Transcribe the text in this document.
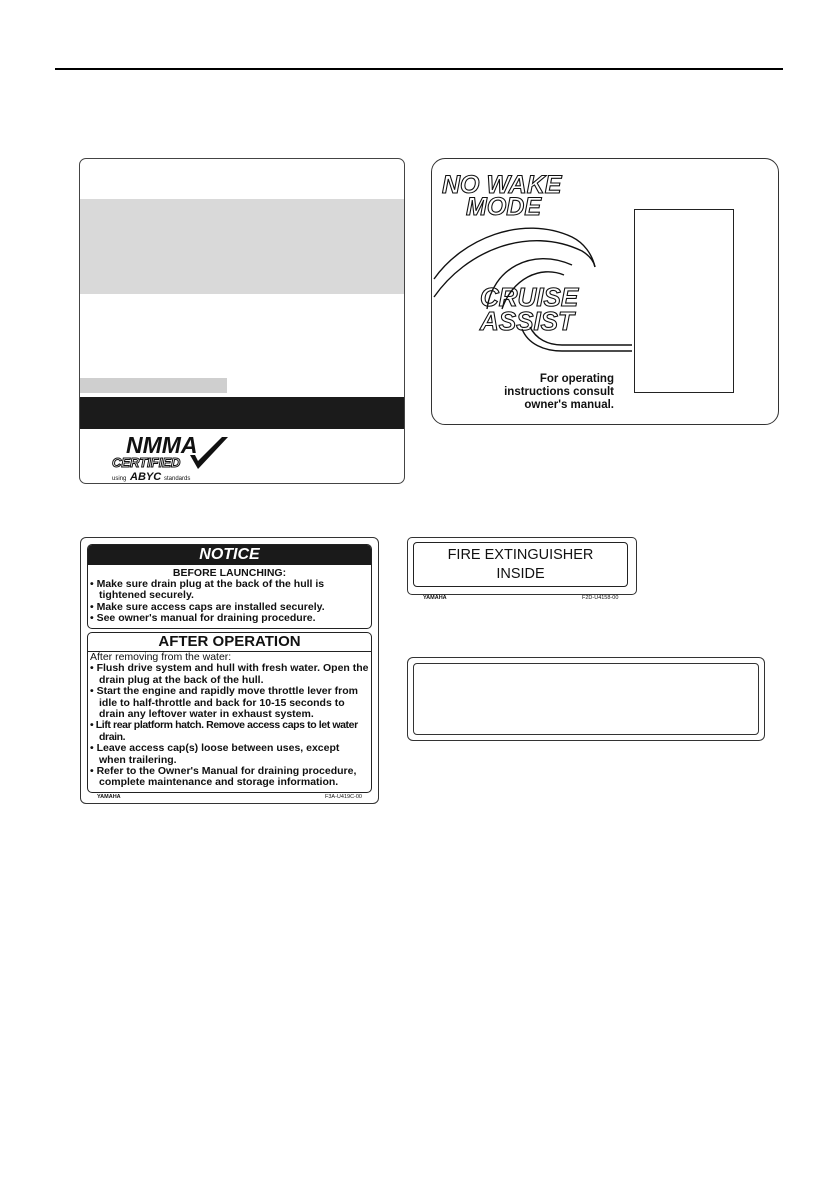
NMMA
CERTIFIED
using ABYC standards
NO WAKE
MODE
CRUISE
ASSIST
For operating
instructions consult
owner's manual.
NOTICE
BEFORE LAUNCHING:
• Make sure drain plug at the back of the hull is tightened securely.
• Make sure access caps are installed securely.
• See owner's manual for draining procedure.
AFTER OPERATION
After removing from the water:
• Flush drive system and hull with fresh water. Open the drain plug at the back of the hull.
• Start the engine and rapidly move throttle lever from idle to half-throttle and back for 10-15 seconds to drain any leftover water in exhaust system.
• Lift rear platform hatch. Remove access caps to let water drain.
• Leave access cap(s) loose between uses, except when trailering.
• Refer to the Owner's Manual for draining procedure, complete maintenance and storage information.
YAMAHA	F3A-U419C-00
FIRE EXTINGUISHER
INSIDE
YAMAHA	F2D-U4158-00
